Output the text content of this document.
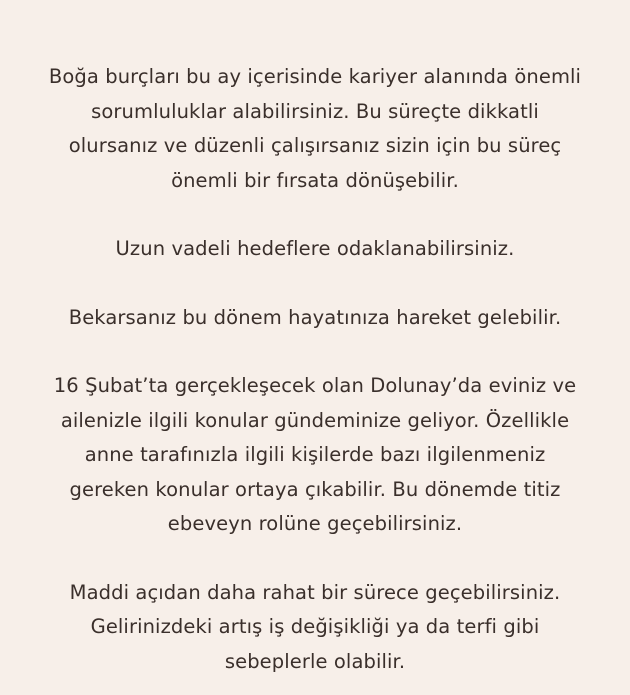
Boğa burçları bu ay içerisinde kariyer alanında önemli
sorumluluklar alabilirsiniz. Bu süreçte dikkatli
olursanız ve düzenli çalışırsanız sizin için bu süreç
önemli bir fırsata dönüşebilir.

Uzun vadeli hedeflere odaklanabilirsiniz.

Bekarsanız bu dönem hayatınıza hareket gelebilir.

16 Şubat’ta gerçekleşecek olan Dolunay’da eviniz ve
ailenizle ilgili konular gündeminize geliyor. Özellikle
anne tarafınızla ilgili kişilerde bazı ilgilenmeniz
gereken konular ortaya çıkabilir. Bu dönemde titiz
ebeveyn rolüne geçebilirsiniz.

Maddi açıdan daha rahat bir sürece geçebilirsiniz.
Gelirinizdeki artış iş değişikliği ya da terfi gibi
sebeplerle olabilir.
